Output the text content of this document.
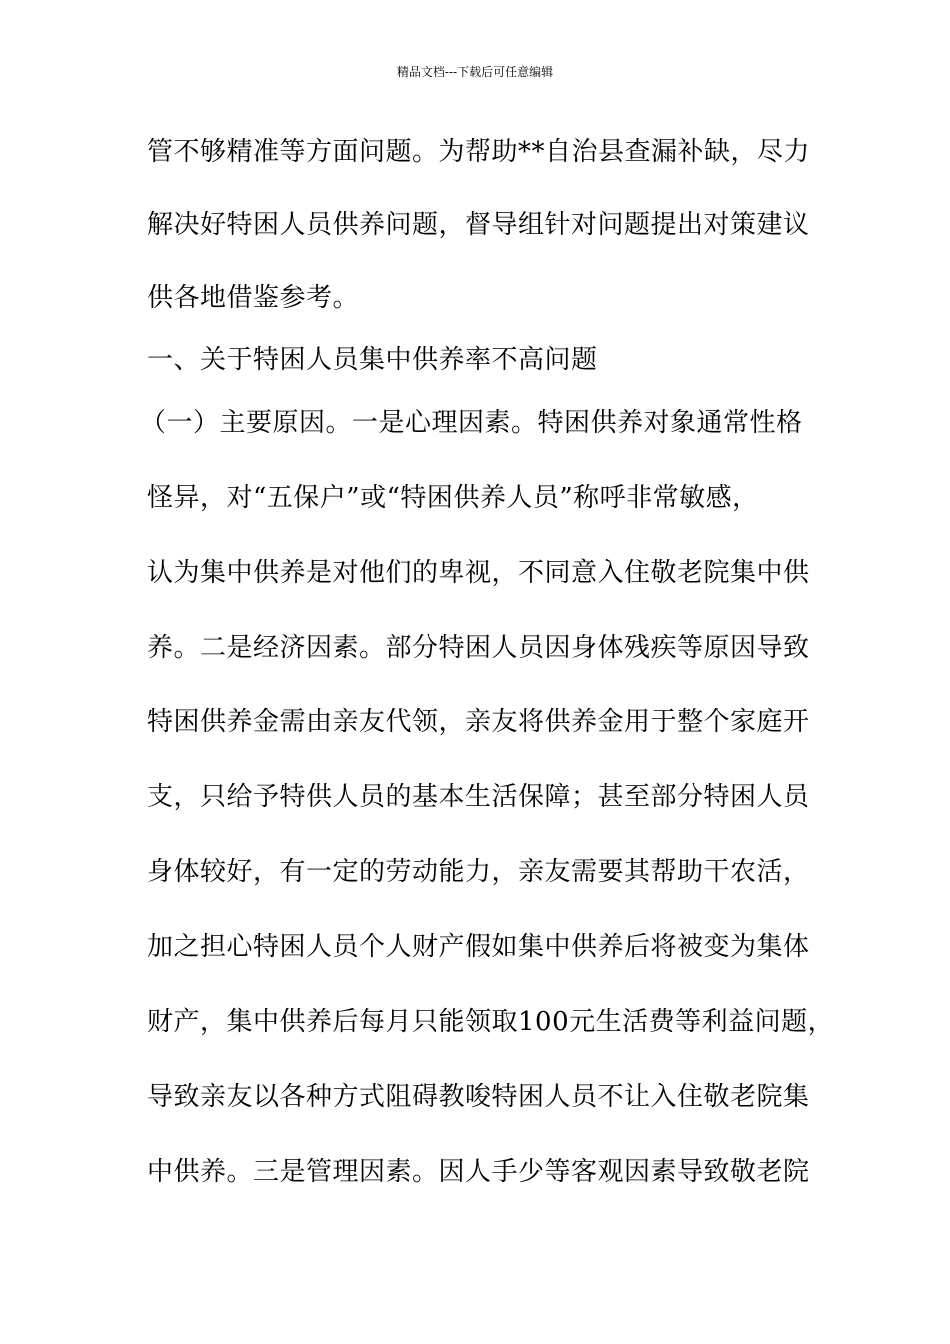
精品文档---下载后可任意编辑
管不够精准等方面问题。为帮助**自治县查漏补缺，尽力
解决好特困人员供养问题，督导组针对问题提出对策建议
供各地借鉴参考。
一、关于特困人员集中供养率不高问题
（一）主要原因。一是心理因素。特困供养对象通常性格
怪异，对“五保户”或“特困供养人员”称呼非常敏感，
认为集中供养是对他们的卑视，不同意入住敬老院集中供
养。二是经济因素。部分特困人员因身体残疾等原因导致
特困供养金需由亲友代领，亲友将供养金用于整个家庭开
支，只给予特供人员的基本生活保障；甚至部分特困人员
身体较好，有一定的劳动能力，亲友需要其帮助干农活，
加之担心特困人员个人财产假如集中供养后将被变为集体
财产，集中供养后每月只能领取100元生活费等利益问题，
导致亲友以各种方式阻碍教唆特困人员不让入住敬老院集
中供养。三是管理因素。因人手少等客观因素导致敬老院
